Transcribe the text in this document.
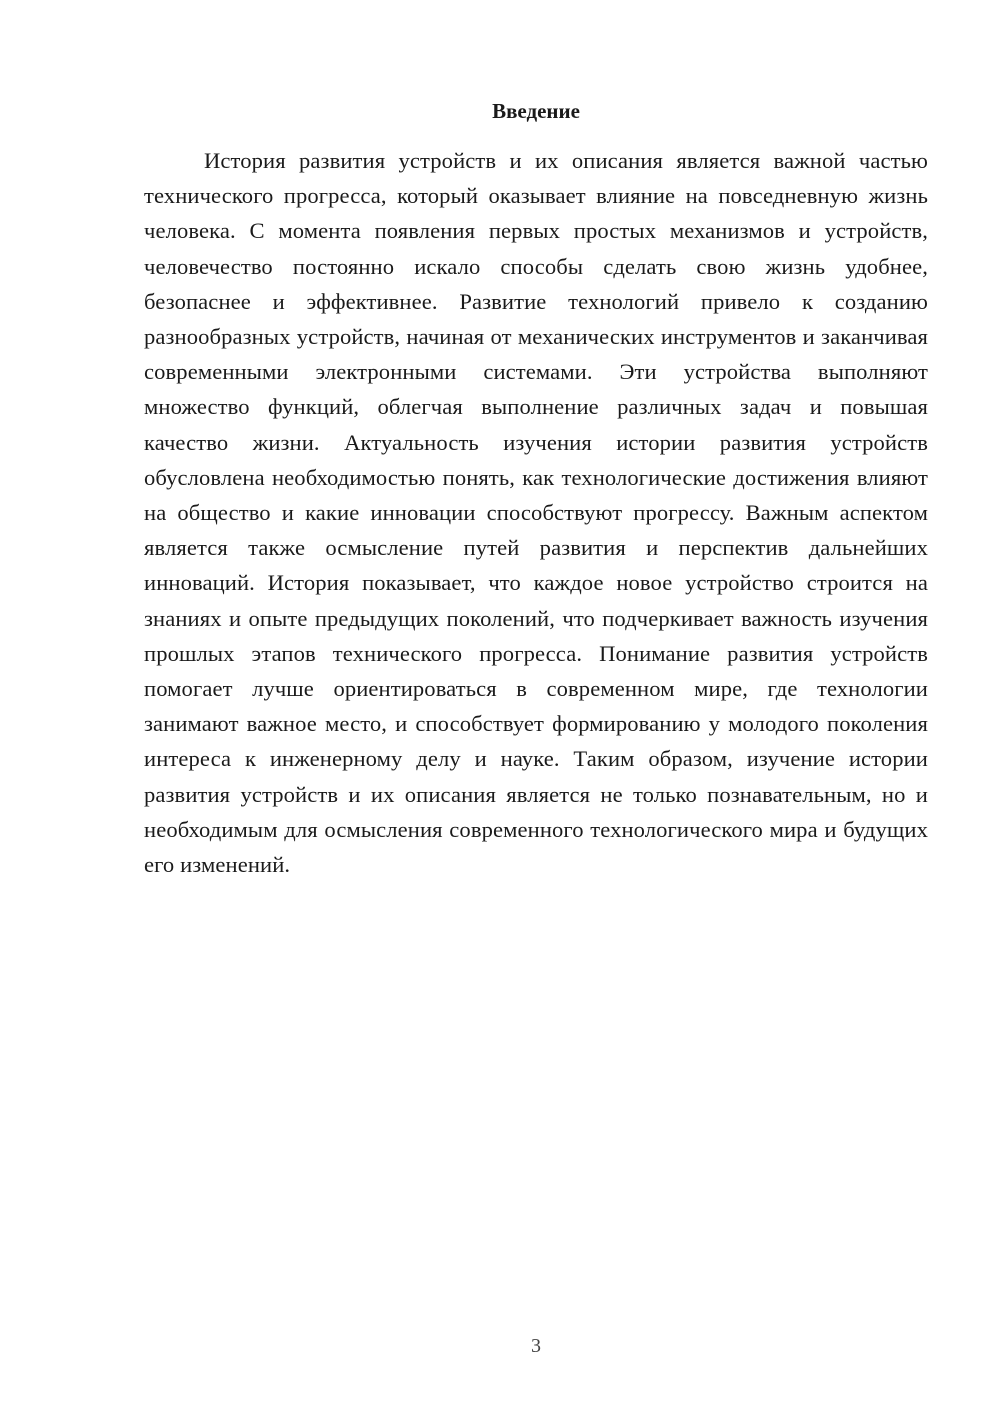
Введение

История развития устройств и их описания является важной частью технического прогресса, который оказывает влияние на повседневную жизнь человека. С момента появления первых простых механизмов и устройств, человечество постоянно искало способы сделать свою жизнь удобнее, безопаснее и эффективнее. Развитие технологий привело к созданию разнообразных устройств, начиная от механических инструментов и заканчивая современными электронными системами. Эти устройства выполняют множество функций, облегчая выполнение различных задач и повышая качество жизни. Актуальность изучения истории развития устройств обусловлена необходимостью понять, как технологические достижения влияют на общество и какие инновации способствуют прогрессу. Важным аспектом является также осмысление путей развития и перспектив дальнейших инноваций. История показывает, что каждое новое устройство строится на знаниях и опыте предыдущих поколений, что подчеркивает важность изучения прошлых этапов технического прогресса. Понимание развития устройств помогает лучше ориентироваться в современном мире, где технологии занимают важное место, и способствует формированию у молодого поколения интереса к инженерному делу и науке. Таким образом, изучение истории развития устройств и их описания является не только познавательным, но и необходимым для осмысления современного технологического мира и будущих его изменений.

3
